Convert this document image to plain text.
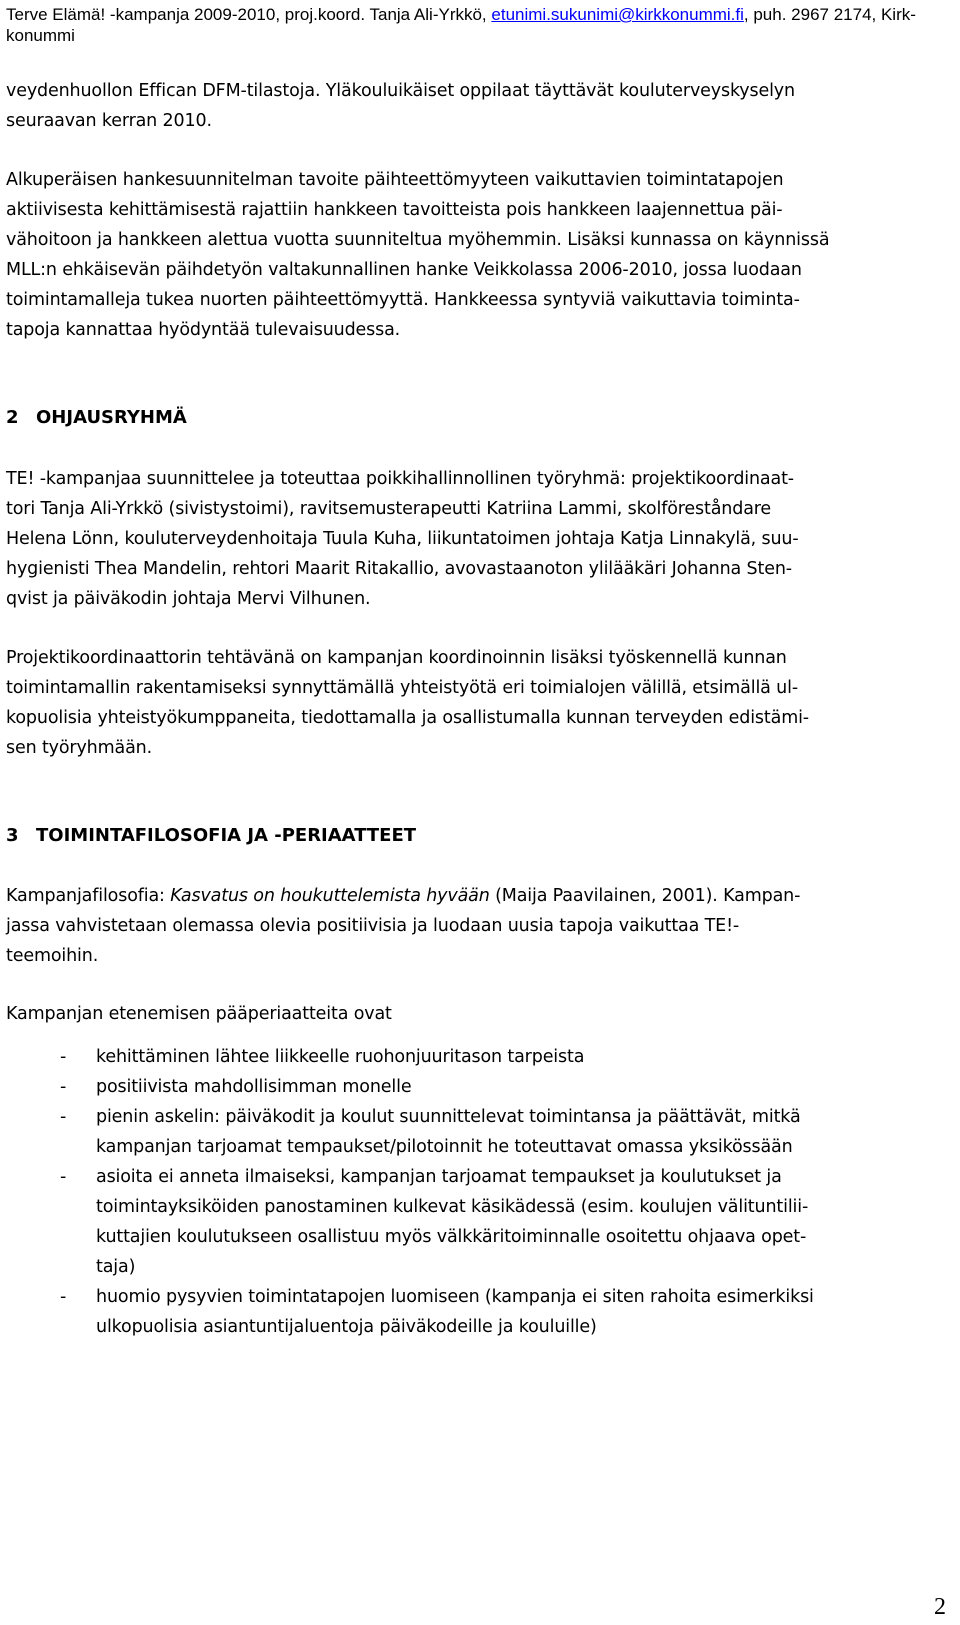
Terve Elämä! -kampanja 2009-2010, proj.koord. Tanja Ali-Yrkkö, etunimi.sukunimi@kirkkonummi.fi, puh. 2967 2174, Kirk-
konummi
veydenhuollon Effican DFM-tilastoja. Yläkouluikäiset oppilaat täyttävät kouluterveyskyselyn
seuraavan kerran 2010.
Alkuperäisen hankesuunnitelman tavoite päihteettömyyteen vaikuttavien toimintatapojen
aktiivisesta kehittämisestä rajattiin hankkeen tavoitteista pois hankkeen laajennettua päi-
vähoitoon ja hankkeen alettua vuotta suunniteltua myöhemmin. Lisäksi kunnassa on käynnissä
MLL:n ehkäisevän päihdetyön valtakunnallinen hanke Veikkolassa 2006-2010, jossa luodaan
toimintamalleja tukea nuorten päihteettömyyttä. Hankkeessa syntyviä vaikuttavia toiminta-
tapoja kannattaa hyödyntää tulevaisuudessa.
2 OHJAUSRYHMÄ
TE! -kampanjaa suunnittelee ja toteuttaa poikkihallinnollinen työryhmä: projektikoordinaat-
tori Tanja Ali-Yrkkö (sivistystoimi), ravitsemusterapeutti Katriina Lammi, skolföreståndare
Helena Lönn, kouluterveydenhoitaja Tuula Kuha, liikuntatoimen johtaja Katja Linnakylä, suu-
hygienisti Thea Mandelin, rehtori Maarit Ritakallio, avovastaanoton ylilääkäri Johanna Sten-
qvist ja päiväkodin johtaja Mervi Vilhunen.
Projektikoordinaattorin tehtävänä on kampanjan koordinoinnin lisäksi työskennellä kunnan
toimintamallin rakentamiseksi synnyttämällä yhteistyötä eri toimialojen välillä, etsimällä ul-
kopuolisia yhteistyökumppaneita, tiedottamalla ja osallistumalla kunnan terveyden edistämi-
sen työryhmään.
3 TOIMINTAFILOSOFIA JA -PERIAATTEET
Kampanjafilosofia: Kasvatus on houkuttelemista hyvään (Maija Paavilainen, 2001). Kampan-
jassa vahvistetaan olemassa olevia positiivisia ja luodaan uusia tapoja vaikuttaa TE!-
teemoihin.
Kampanjan etenemisen pääperiaatteita ovat
- kehittäminen lähtee liikkeelle ruohonjuuritason tarpeista
- positiivista mahdollisimman monelle
- pienin askelin: päiväkodit ja koulut suunnittelevat toimintansa ja päättävät, mitkä
kampanjan tarjoamat tempaukset/pilotoinnit he toteuttavat omassa yksikössään
- asioita ei anneta ilmaiseksi, kampanjan tarjoamat tempaukset ja koulutukset ja
toimintayksiköiden panostaminen kulkevat käsikädessä (esim. koulujen välituntilii-
kuttajien koulutukseen osallistuu myös välkkäritoiminnalle osoitettu ohjaava opet-
taja)
- huomio pysyvien toimintatapojen luomiseen (kampanja ei siten rahoita esimerkiksi
ulkopuolisia asiantuntijaluentoja päiväkodeille ja kouluille)
2
